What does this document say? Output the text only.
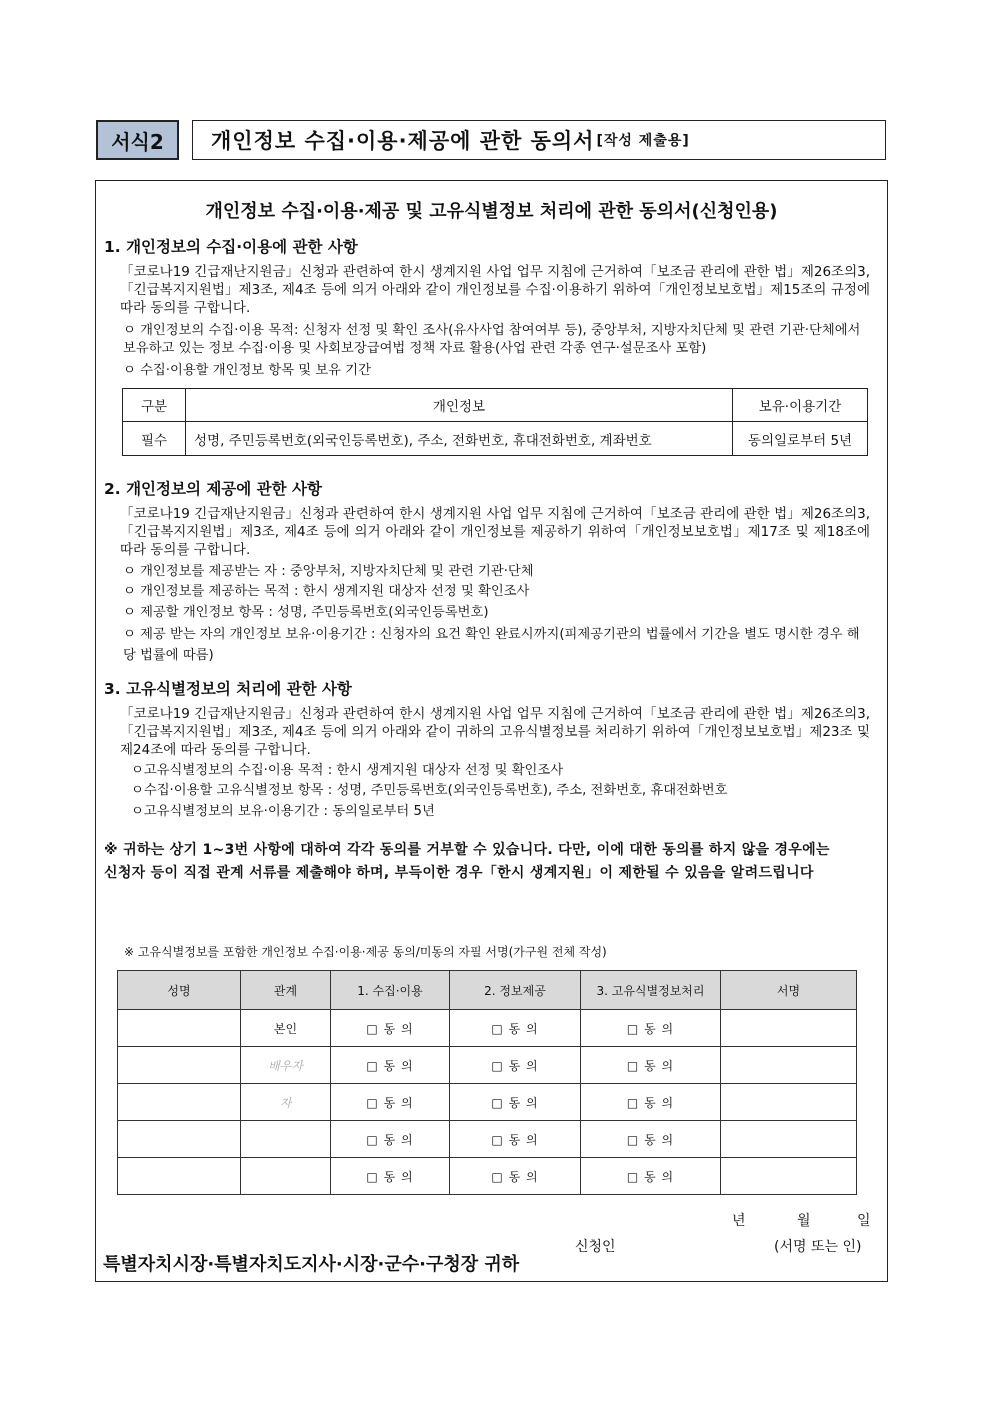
서식2	개인정보 수집·이용·제공에 관한 동의서 [작성 제출용]
개인정보 수집·이용·제공 및 고유식별정보 처리에 관한 동의서(신청인용)
1. 개인정보의 수집·이용에 관한 사항
「코로나19 긴급재난지원금」신청과 관련하여 한시 생계지원 사업 업무 지침에 근거하여「보조금 관리에 관한 법」제26조의3,「긴급복지지원법」제3조, 제4조 등에 의거 아래와 같이 개인정보를 수집·이용하기 위하여「개인정보보호법」제15조의 규정에 따라 동의를 구합니다.
ㅇ 개인정보의 수집·이용 목적: 신청자 선정 및 확인 조사(유사사업 참여여부 등), 중앙부처, 지방자치단체 및 관련 기관·단체에서 보유하고 있는 정보 수집·이용 및 사회보장급여법 정책 자료 활용(사업 관련 각종 연구·설문조사 포함)
ㅇ 수집·이용할 개인정보 항목 및 보유 기간
구분	개인정보	보유·이용기간
필수	성명, 주민등록번호(외국인등록번호), 주소, 전화번호, 휴대전화번호, 계좌번호	동의일로부터 5년
2. 개인정보의 제공에 관한 사항
「코로나19 긴급재난지원금」신청과 관련하여 한시 생계지원 사업 업무 지침에 근거하여「보조금 관리에 관한 법」제26조의3,「긴급복지지원법」제3조, 제4조 등에 의거 아래와 같이 개인정보를 제공하기 위하여「개인정보보호법」제17조 및 제18조에 따라 동의를 구합니다.
ㅇ 개인정보를 제공받는 자 : 중앙부처, 지방자치단체 및 관련 기관·단체
ㅇ 개인정보를 제공하는 목적 : 한시 생계지원 대상자 선정 및 확인조사
ㅇ 제공할 개인정보 항목 : 성명, 주민등록번호(외국인등록번호)
ㅇ 제공 받는 자의 개인정보 보유·이용기간 : 신청자의 요건 확인 완료시까지(피제공기관의 법률에서 기간을 별도 명시한 경우 해당 법률에 따름)
3. 고유식별정보의 처리에 관한 사항
「코로나19 긴급재난지원금」신청과 관련하여 한시 생계지원 사업 업무 지침에 근거하여「보조금 관리에 관한 법」제26조의3,「긴급복지지원법」제3조, 제4조 등에 의거 아래와 같이 귀하의 고유식별정보를 처리하기 위하여「개인정보보호법」제23조 및 제24조에 따라 동의를 구합니다.
ㅇ고유식별정보의 수집·이용 목적 : 한시 생계지원 대상자 선정 및 확인조사
ㅇ수집·이용할 고유식별정보 항목 : 성명, 주민등록번호(외국인등록번호), 주소, 전화번호, 휴대전화번호
ㅇ고유식별정보의 보유·이용기간 : 동의일로부터 5년
※ 귀하는 상기 1~3번 사항에 대하여 각각 동의를 거부할 수 있습니다. 다만, 이에 대한 동의를 하지 않을 경우에는 신청자 등이 직접 관계 서류를 제출해야 하며, 부득이한 경우「한시 생계지원」이 제한될 수 있음을 알려드립니다
※ 고유식별정보를 포함한 개인정보 수집·이용·제공 동의/미동의 자필 서명(가구원 전체 작성)
성명	관계	1. 수집·이용	2. 정보제공	3. 고유식별정보처리	서명
	본인	□ 동 의	□ 동 의	□ 동 의	
	배우자	□ 동 의	□ 동 의	□ 동 의	
	자	□ 동 의	□ 동 의	□ 동 의	
		□ 동 의	□ 동 의	□ 동 의	
		□ 동 의	□ 동 의	□ 동 의	
년	월	일
신청인	(서명 또는 인)
특별자치시장·특별자치도지사·시장·군수·구청장 귀하
